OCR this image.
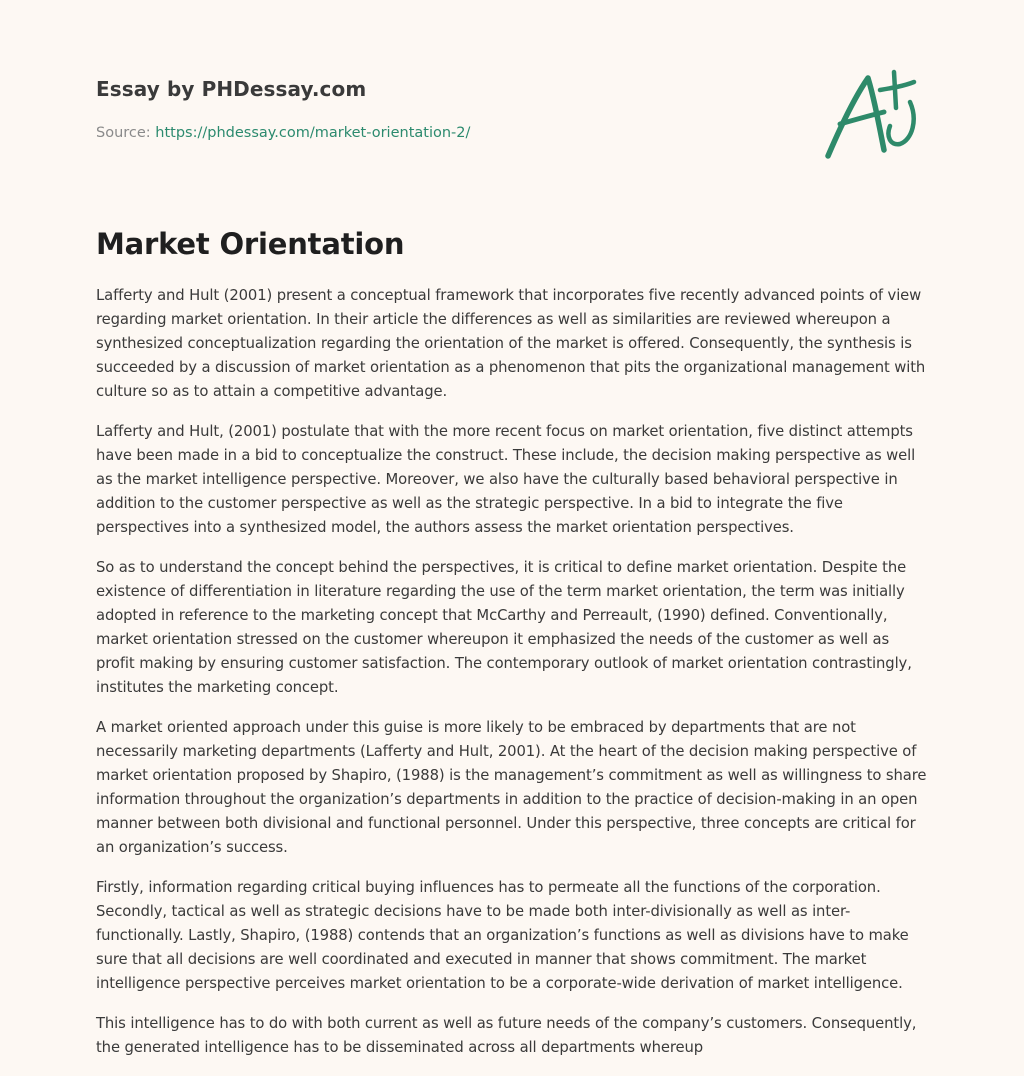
Essay by PHDessay.com
Source: https://phdessay.com/market-orientation-2/
Market Orientation

Lafferty and Hult (2001) present a conceptual framework that incorporates five recently advanced points of view regarding market orientation. In their article the differences as well as similarities are reviewed whereupon a synthesized conceptualization regarding the orientation of the market is offered. Consequently, the synthesis is succeeded by a discussion of market orientation as a phenomenon that pits the organizational management with culture so as to attain a competitive advantage.

Lafferty and Hult, (2001) postulate that with the more recent focus on market orientation, five distinct attempts have been made in a bid to conceptualize the construct. These include, the decision making perspective as well as the market intelligence perspective. Moreover, we also have the culturally based behavioral perspective in addition to the customer perspective as well as the strategic perspective. In a bid to integrate the five perspectives into a synthesized model, the authors assess the market orientation perspectives.

So as to understand the concept behind the perspectives, it is critical to define market orientation. Despite the existence of differentiation in literature regarding the use of the term market orientation, the term was initially adopted in reference to the marketing concept that McCarthy and Perreault, (1990) defined. Conventionally, market orientation stressed on the customer whereupon it emphasized the needs of the customer as well as profit making by ensuring customer satisfaction. The contemporary outlook of market orientation contrastingly, institutes the marketing concept.

A market oriented approach under this guise is more likely to be embraced by departments that are not necessarily marketing departments (Lafferty and Hult, 2001). At the heart of the decision making perspective of market orientation proposed by Shapiro, (1988) is the management’s commitment as well as willingness to share information throughout the organization’s departments in addition to the practice of decision-making in an open manner between both divisional and functional personnel. Under this perspective, three concepts are critical for an organization’s success.

Firstly, information regarding critical buying influences has to permeate all the functions of the corporation. Secondly, tactical as well as strategic decisions have to be made both inter-divisionally as well as inter-functionally. Lastly, Shapiro, (1988) contends that an organization’s functions as well as divisions have to make sure that all decisions are well coordinated and executed in manner that shows commitment. The market intelligence perspective perceives market orientation to be a corporate-wide derivation of market intelligence.

This intelligence has to do with both current as well as future needs of the company’s customers. Consequently, the generated intelligence has to be disseminated across all departments whereup
